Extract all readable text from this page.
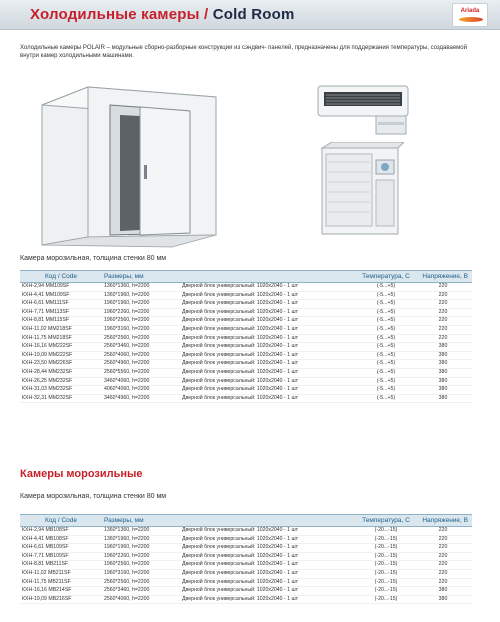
Холодильные камеры / Cold Room	Ariada

Холодильные камеры POLAIR – модульные сборно-разборные конструкции из сэндвич- панелей, предназначены для поддержания температуры, создаваемой внутри камер холодильными машинами.

Камера морозильная, толщина стенки 80 мм
Код / Code	Размеры, мм		Температура, С	Напряжение, В
КХН-2,94 ММ109SF	1360*1360, h=2200	Дверной блок универсальный: 1020х2040 - 1 шт	(-5...+5)	220
КХН-4,41 ММ109SF	1360*1960, h=2200	Дверной блок универсальный: 1020х2040 - 1 шт	(-5...+5)	220
КХН-6,61 ММ111SF	1960*1960, h=2200	Дверной блок универсальный: 1020х2040 - 1 шт	(-5...+5)	220
КХН-7,71 ММ113SF	1960*2260, h=2200	Дверной блок универсальный: 1020х2040 - 1 шт	(-5...+5)	220
КХН-8,81 ММ115SF	1960*2560, h=2200	Дверной блок универсальный: 1020х2040 - 1 шт	(-5...+5)	220
КХН-11,02 ММ218SF	1960*3160, h=2200	Дверной блок универсальный: 1020х2040 - 1 шт	(-5...+5)	220
КХН-11,75 ММ218SF	2560*2560, h=2200	Дверной блок универсальный: 1020х2040 - 1 шт	(-5...+5)	220
КХН-16,16 ММ222SF	2560*3460, h=2200	Дверной блок универсальный: 1020х2040 - 1 шт	(-5...+5)	380
КХН-19,09 ММ222SF	2560*4060, h=2200	Дверной блок универсальный: 1020х2040 - 1 шт	(-5...+5)	380
КХН-23,50 ММ226SF	2560*4960, h=2200	Дверной блок универсальный: 1020х2040 - 1 шт	(-5...+5)	380
КХН-28,44 ММ232SF	2560*5560, h=2200	Дверной блок универсальный: 1020х2040 - 1 шт	(-5...+5)	380
КХН-26,25 ММ232SF	3460*4060, h=2200	Дверной блок универсальный: 1020х2040 - 1 шт	(-5...+5)	380
КХН-31,03 ММ232SF	4060*4060, h=2200	Дверной блок универсальный: 1020х2040 - 1 шт	(-5...+5)	380
КХН-32,31 ММ232SF	3460*4960, h=2200	Дверной блок универсальный: 1020х2040 - 1 шт	(-5...+5)	380
Камеры морозильные
Камера морозильная, толщина стенки 80 мм
Код / Code	Размеры, мм		Температура, С	Напряжение, В
КХН-2,94 МВ108SF	1360*1360, h=2200	Дверной блок универсальный: 1020х2040 - 1 шт	(-20...-15)	220
КХН-4,41 МВ108SF	1360*1960, h=2200	Дверной блок универсальный: 1020х2040 - 1 шт	(-20...-15)	220
КХН-6,61 МВ109SF	1960*1960, h=2200	Дверной блок универсальный: 1020х2040 - 1 шт	(-20...-15)	220
КХН-7,71 МВ109SF	1960*2260, h=2200	Дверной блок универсальный: 1020х2040 - 1 шт	(-20...-15)	220
КХН-8,81 МВ211SF	1960*2560, h=2200	Дверной блок универсальный: 1020х2040 - 1 шт	(-20...-15)	220
КХН-11,02 МВ211SF	1960*3160, h=2200	Дверной блок универсальный: 1020х2040 - 1 шт	(-20...-15)	220
КХН-11,75 МВ211SF	2560*2560, h=2200	Дверной блок универсальный: 1020х2040 - 1 шт	(-20...-15)	220
КХН-16,16 МВ214SF	2560*3460, h=2200	Дверной блок универсальный: 1020х2040 - 1 шт	(-20...-15)	380
КХН-19,09 МВ216SF	2560*4060, h=2200	Дверной блок универсальный: 1020х2040 - 1 шт	(-20...-15)	380
